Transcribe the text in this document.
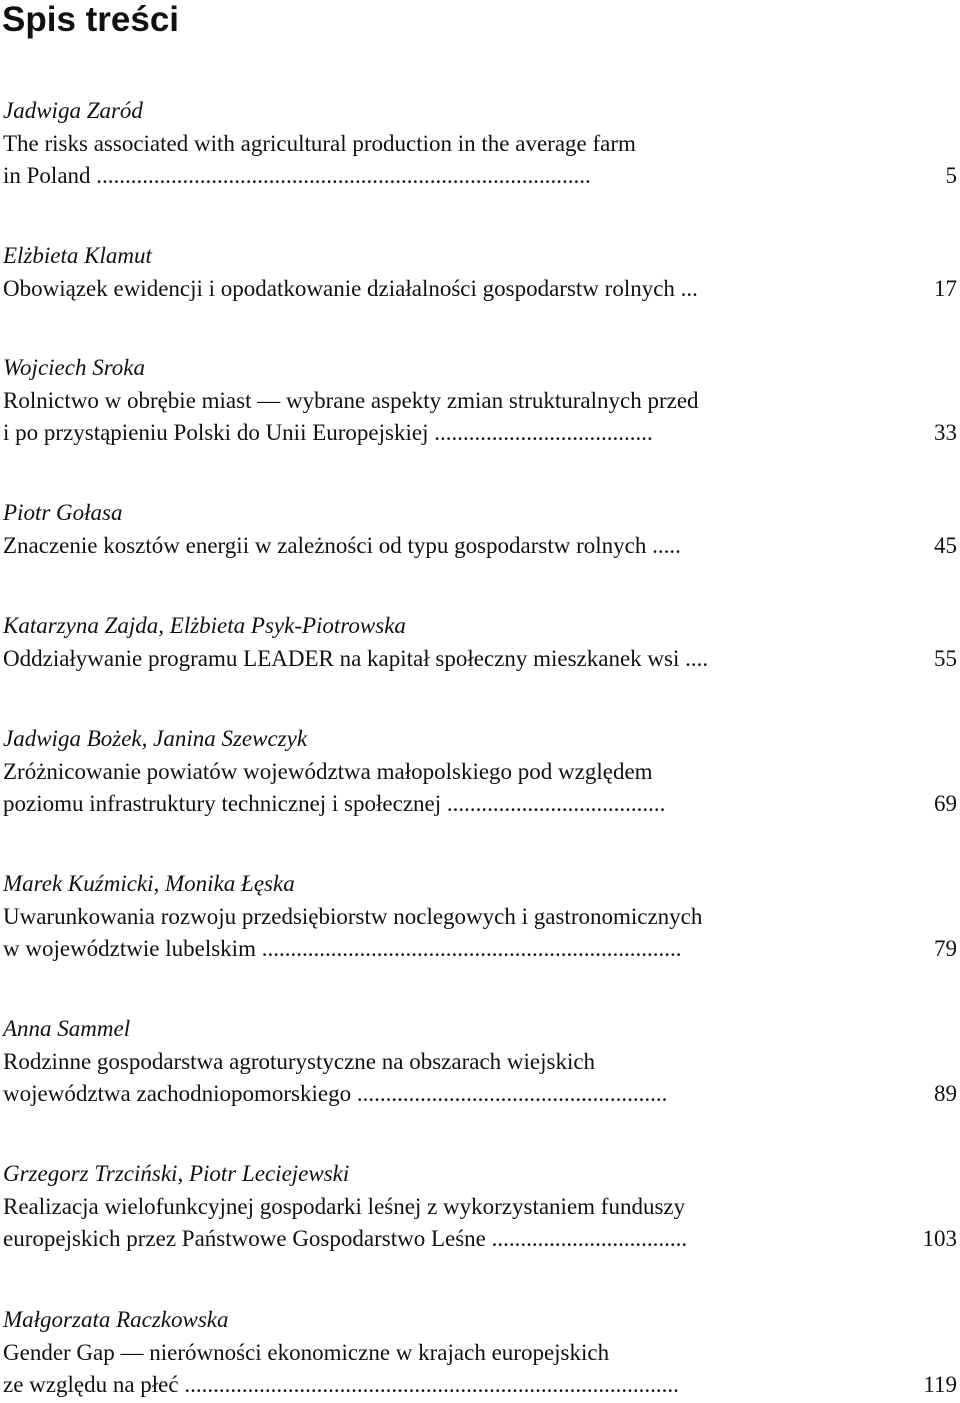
Spis treści
Jadwiga Zaród
The risks associated with agricultural production in the average farm
in Poland ......................................................................................	5
Elżbieta Klamut
Obowiązek ewidencji i opodatkowanie działalności gospodarstw rolnych ...	17
Wojciech Sroka
Rolnictwo w obrębie miast — wybrane aspekty zmian strukturalnych przed
i po przystąpieniu Polski do Unii Europejskiej ......................................	33
Piotr Gołasa
Znaczenie kosztów energii w zależności od typu gospodarstw rolnych .....	45
Katarzyna Zajda, Elżbieta Psyk-Piotrowska
Oddziaływanie programu LEADER na kapitał społeczny mieszkanek wsi ....	55
Jadwiga Bożek, Janina Szewczyk
Zróżnicowanie powiatów województwa małopolskiego pod względem
poziomu infrastruktury technicznej i społecznej ......................................	69
Marek Kuźmicki, Monika Łęska
Uwarunkowania rozwoju przedsiębiorstw noclegowych i gastronomicznych
w województwie lubelskim .........................................................................	79
Anna Sammel
Rodzinne gospodarstwa agroturystyczne na obszarach wiejskich
województwa zachodniopomorskiego ......................................................	89
Grzegorz Trzciński, Piotr Leciejewski
Realizacja wielofunkcyjnej gospodarki leśnej z wykorzystaniem funduszy
europejskich przez Państwowe Gospodarstwo Leśne ..................................	103
Małgorzata Raczkowska
Gender Gap — nierówności ekonomiczne w krajach europejskich
ze względu na płeć ......................................................................................	119
